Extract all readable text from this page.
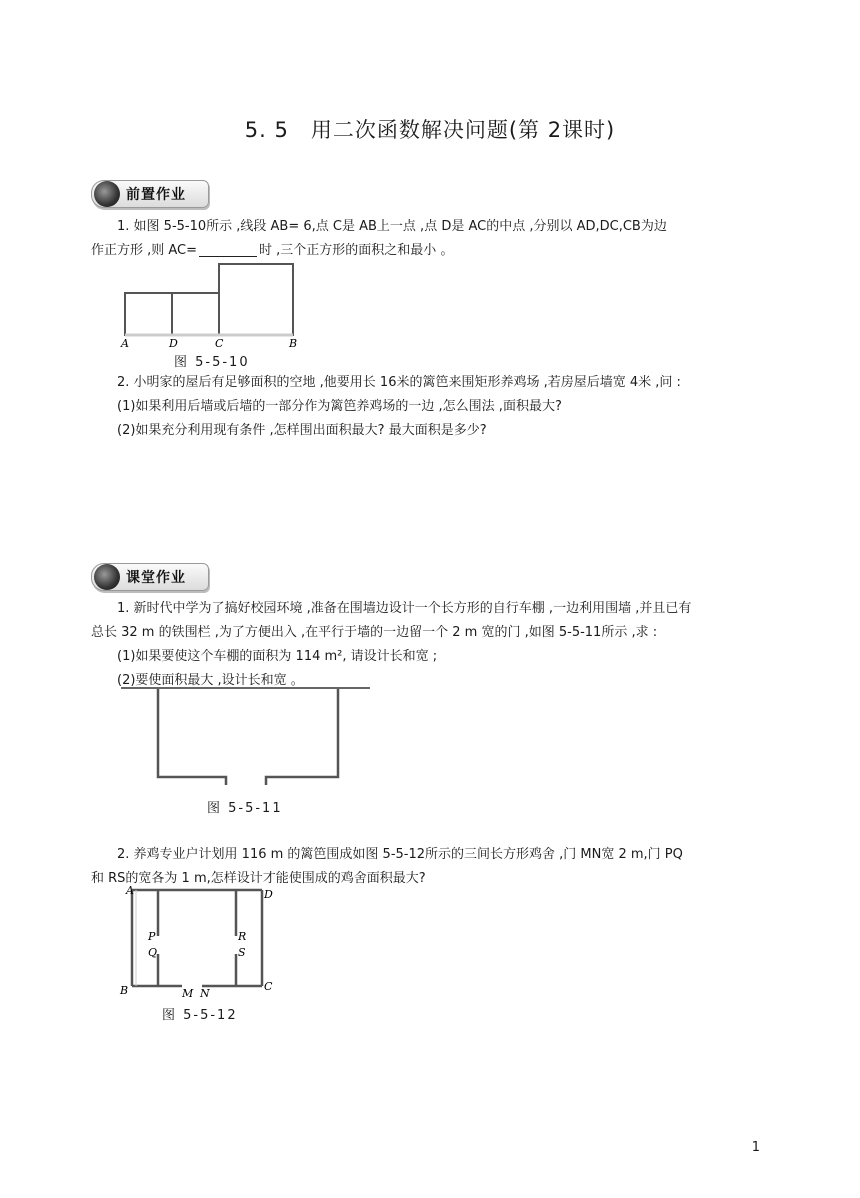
5. 5　用二次函数解决问题(第 2课时)
前置作业
1. 如图 5-5-10所示 ,线段 AB= 6,点 C是 AB上一点 ,点 D是 AC的中点 ,分别以 AD,DC,CB为边
作正方形 ,则 AC=	时 ,三个正方形的面积之和最小 。
A	D	C	B
图 5-5-10
2. 小明家的屋后有足够面积的空地 ,他要用长 16米的篱笆来围矩形养鸡场 ,若房屋后墙宽 4米 ,问 :
(1)如果利用后墙或后墙的一部分作为篱笆养鸡场的一边 ,怎么围法 ,面积最大?
(2)如果充分利用现有条件 ,怎样围出面积最大? 最大面积是多少?
课堂作业
1. 新时代中学为了搞好校园环境 ,准备在围墙边设计一个长方形的自行车棚 ,一边利用围墙 ,并且已有
总长 32 m 的铁围栏 ,为了方便出入 ,在平行于墙的一边留一个 2 m 宽的门 ,如图 5-5-11所示 ,求 :
(1)如果要使这个车棚的面积为 114 m², 请设计长和宽 ;
(2)要使面积最大 ,设计长和宽 。
图 5-5-11
2. 养鸡专业户计划用 116 m 的篱笆围成如图 5-5-12所示的三间长方形鸡舍 ,门 MN宽 2 m,门 PQ
和 RS的宽各为 1 m,怎样设计才能使围成的鸡舍面积最大?
A	D
B	C
P
Q
R
S
M N
图 5-5-12
1
